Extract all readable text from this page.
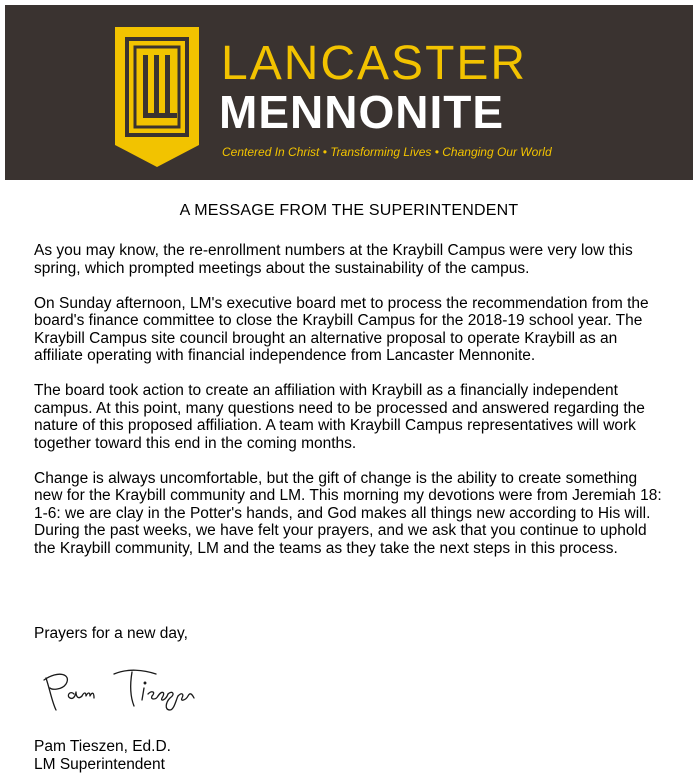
LANCASTER
MENNONITE
Centered In Christ • Transforming Lives • Changing Our World
A MESSAGE FROM THE SUPERINTENDENT

As you may know, the re-enrollment numbers at the Kraybill Campus were very low this spring, which prompted meetings about the sustainability of the campus.

On Sunday afternoon, LM's executive board met to process the recommendation from the board's finance committee to close the Kraybill Campus for the 2018-19 school year. The Kraybill Campus site council brought an alternative proposal to operate Kraybill as an affiliate operating with financial independence from Lancaster Mennonite.

The board took action to create an affiliation with Kraybill as a financially independent campus. At this point, many questions need to be processed and answered regarding the nature of this proposed affiliation. A team with Kraybill Campus representatives will work together toward this end in the coming months.

Change is always uncomfortable, but the gift of change is the ability to create something new for the Kraybill community and LM. This morning my devotions were from Jeremiah 18: 1-6: we are clay in the Potter's hands, and God makes all things new according to His will. During the past weeks, we have felt your prayers, and we ask that you continue to uphold the Kraybill community, LM and the teams as they take the next steps in this process.

Prayers for a new day,
Pam Tieszen, Ed.D.
LM Superintendent
